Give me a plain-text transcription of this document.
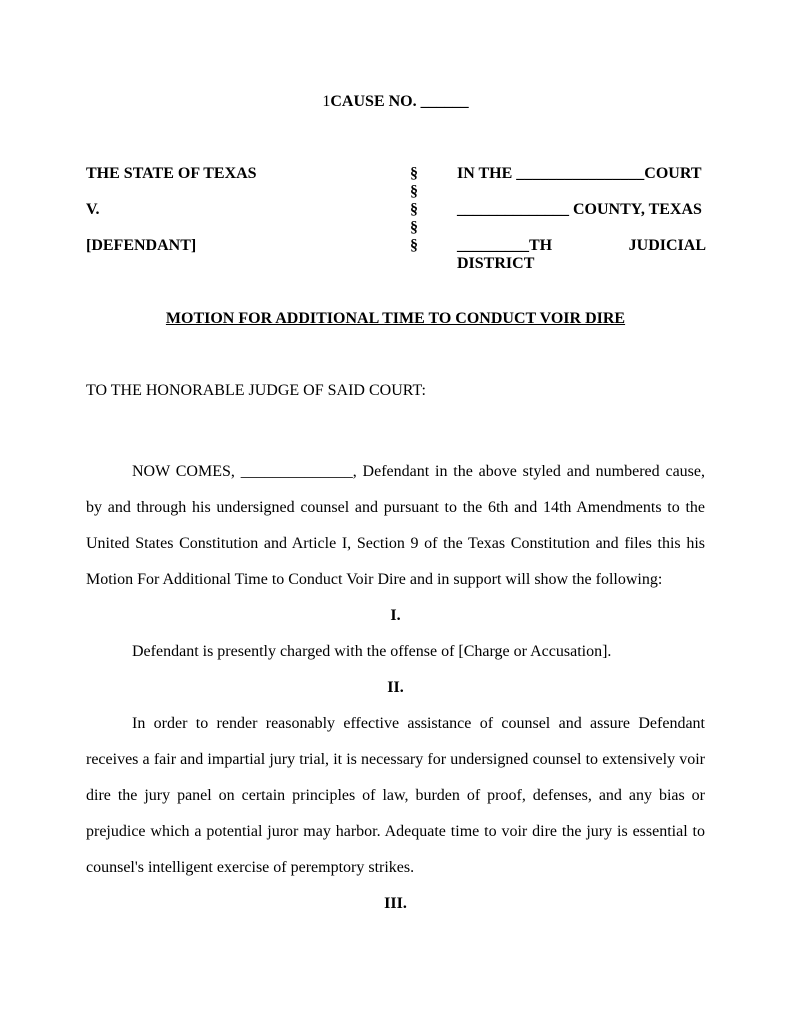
1CAUSE NO. ______
THE STATE OF TEXAS
V.
[DEFENDANT]
§
§
§
§
§
IN THE ________________COURT
______________ COUNTY, TEXAS
_________TH	JUDICIAL
DISTRICT
MOTION FOR ADDITIONAL TIME TO CONDUCT VOIR DIRE
TO THE HONORABLE JUDGE OF SAID COURT:

NOW COMES, ______________, Defendant in the above styled and numbered cause, by and through his undersigned counsel and pursuant to the 6th and 14th Amendments to the United States Constitution and Article I, Section 9 of the Texas Constitution and files this his Motion For Additional Time to Conduct Voir Dire and in support will show the following:

I.

Defendant is presently charged with the offense of [Charge or Accusation].

II.

In order to render reasonably effective assistance of counsel and assure Defendant receives a fair and impartial jury trial, it is necessary for undersigned counsel to extensively voir dire the jury panel on certain principles of law, burden of proof, defenses, and any bias or prejudice which a potential juror may harbor. Adequate time to voir dire the jury is essential to counsel's intelligent exercise of peremptory strikes.

III.
